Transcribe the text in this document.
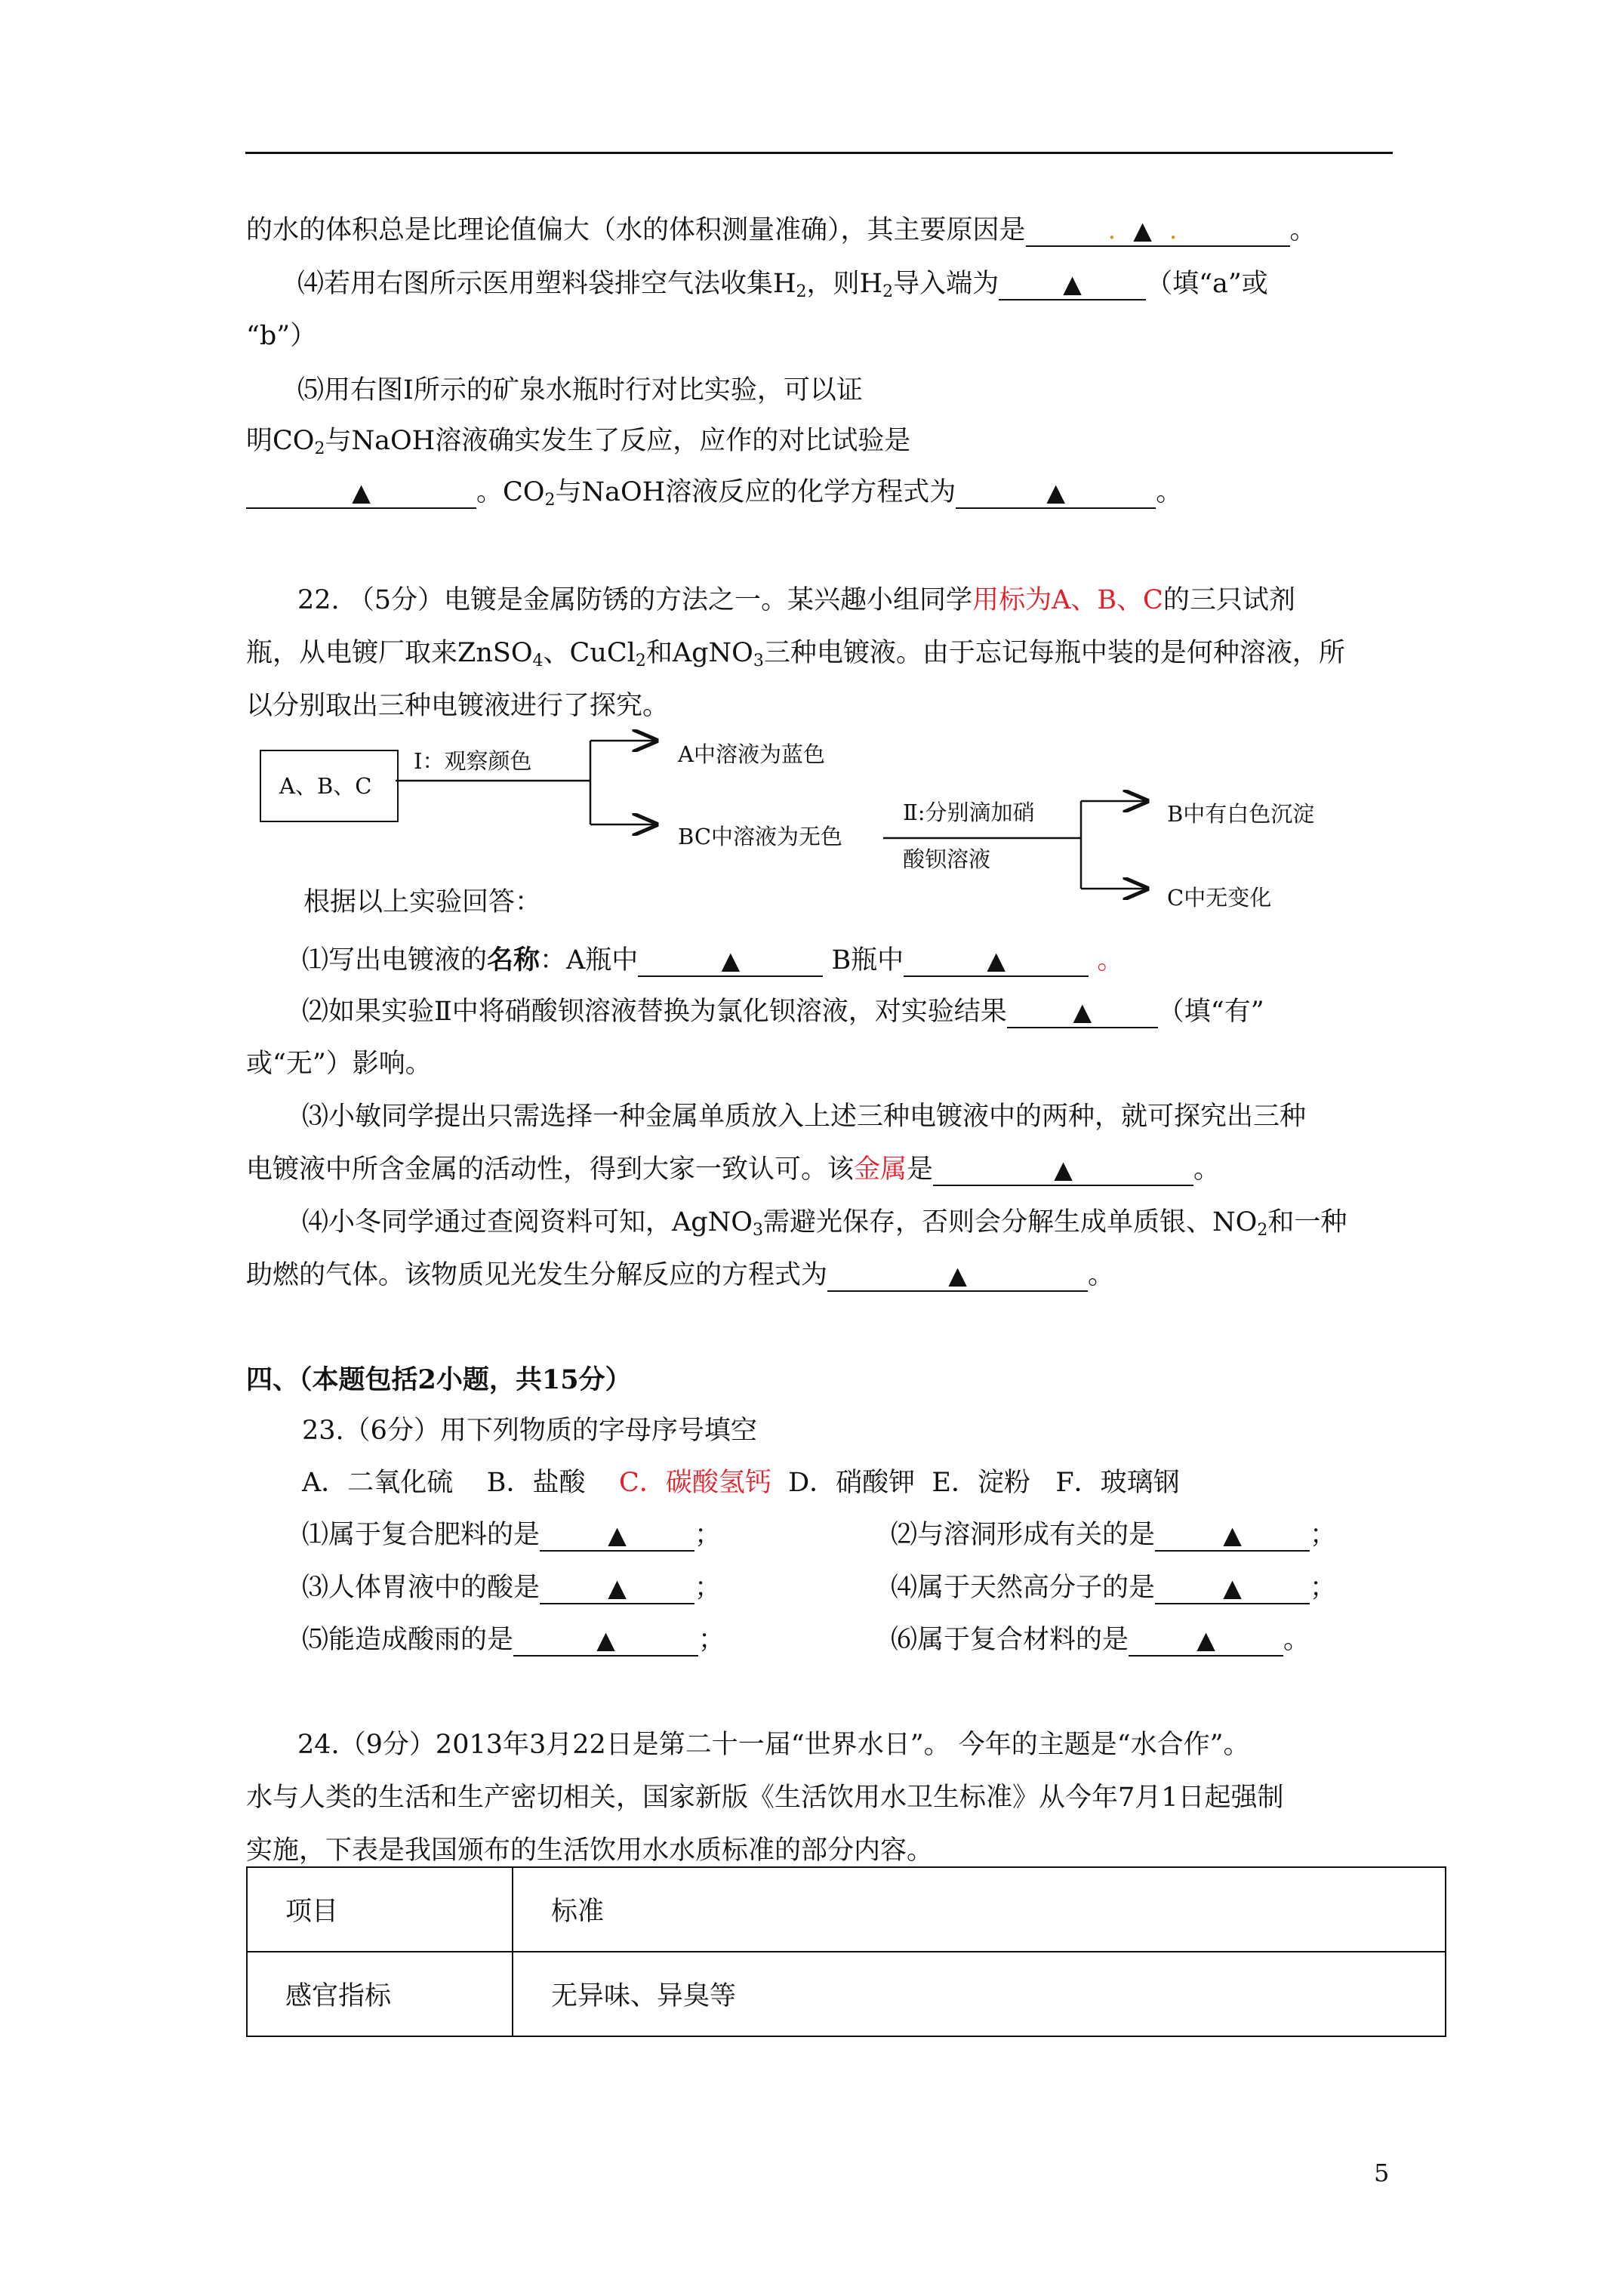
的水的体积总是比理论值偏大（水的体积测量准确），其主要原因是	. ▲ .	。
⑷若用右图所示医用塑料袋排空气法收集$H_2$，则$H_2$导入端为	▲ （填“a”或
“b”）
⑸用右图Ⅰ所示的矿泉水瓶时行对比实验，可以证
明$CO_2$与NaOH溶液确实发生了反应，应作的对比试验是
▲	。$CO_2$与NaOH溶液反应的化学方程式为	▲	。
22. （5分）电镀是金属防锈的方法之一。某兴趣小组同学用标为A、B、C的三只试剂
瓶，从电镀厂取来ZnSO$_4$、CuCl$_2$和AgNO$_3$三种电镀液。由于忘记每瓶中装的是何种溶液，所
以分别取出三种电镀液进行了探究。
A、B、C
Ⅰ：观察颜色	A中溶液为蓝色
BC中溶液为无色
Ⅱ:分别滴加硝
酸钡溶液
B中有白色沉淀
C中无变化
根据以上实验回答：
⑴写出电镀液的名称：A瓶中	▲	B瓶中	▲	。
⑵如果实验Ⅱ中将硝酸钡溶液替换为氯化钡溶液，对实验结果	▲	（填“有”
或“无”）影响。
⑶小敏同学提出只需选择一种金属单质放入上述三种电镀液中的两种，就可探究出三种
电镀液中所含金属的活动性，得到大家一致认可。该金属是	▲	。
⑷小冬同学通过查阅资料可知，AgNO$_3$需避光保存，否则会分解生成单质银、$NO_2$和一种
助燃的气体。该物质见光发生分解反应的方程式为	▲	。
四、（本题包括2小题，共15分）
23.（6分）用下列物质的字母序号填空
A．二氧化硫 B．盐酸 C．碳酸氢钙 D．硝酸钾 E．淀粉 F．玻璃钢
⑴属于复合肥料的是	▲	；	⑵与溶洞形成有关的是	▲	；
⑶人体胃液中的酸是	▲	；	⑷属于天然高分子的是	▲	；
⑸能造成酸雨的是	▲	；	⑹属于复合材料的是	▲	。
24.（9分）2013年3月22日是第二十一届“世界水日”。 今年的主题是“水合作”。
水与人类的生活和生产密切相关，国家新版《生活饮用水卫生标准》从今年7月1日起强制
实施，下表是我国颁布的生活饮用水水质标准的部分内容。
项目	标准
感官指标	无异味、异臭等
5
